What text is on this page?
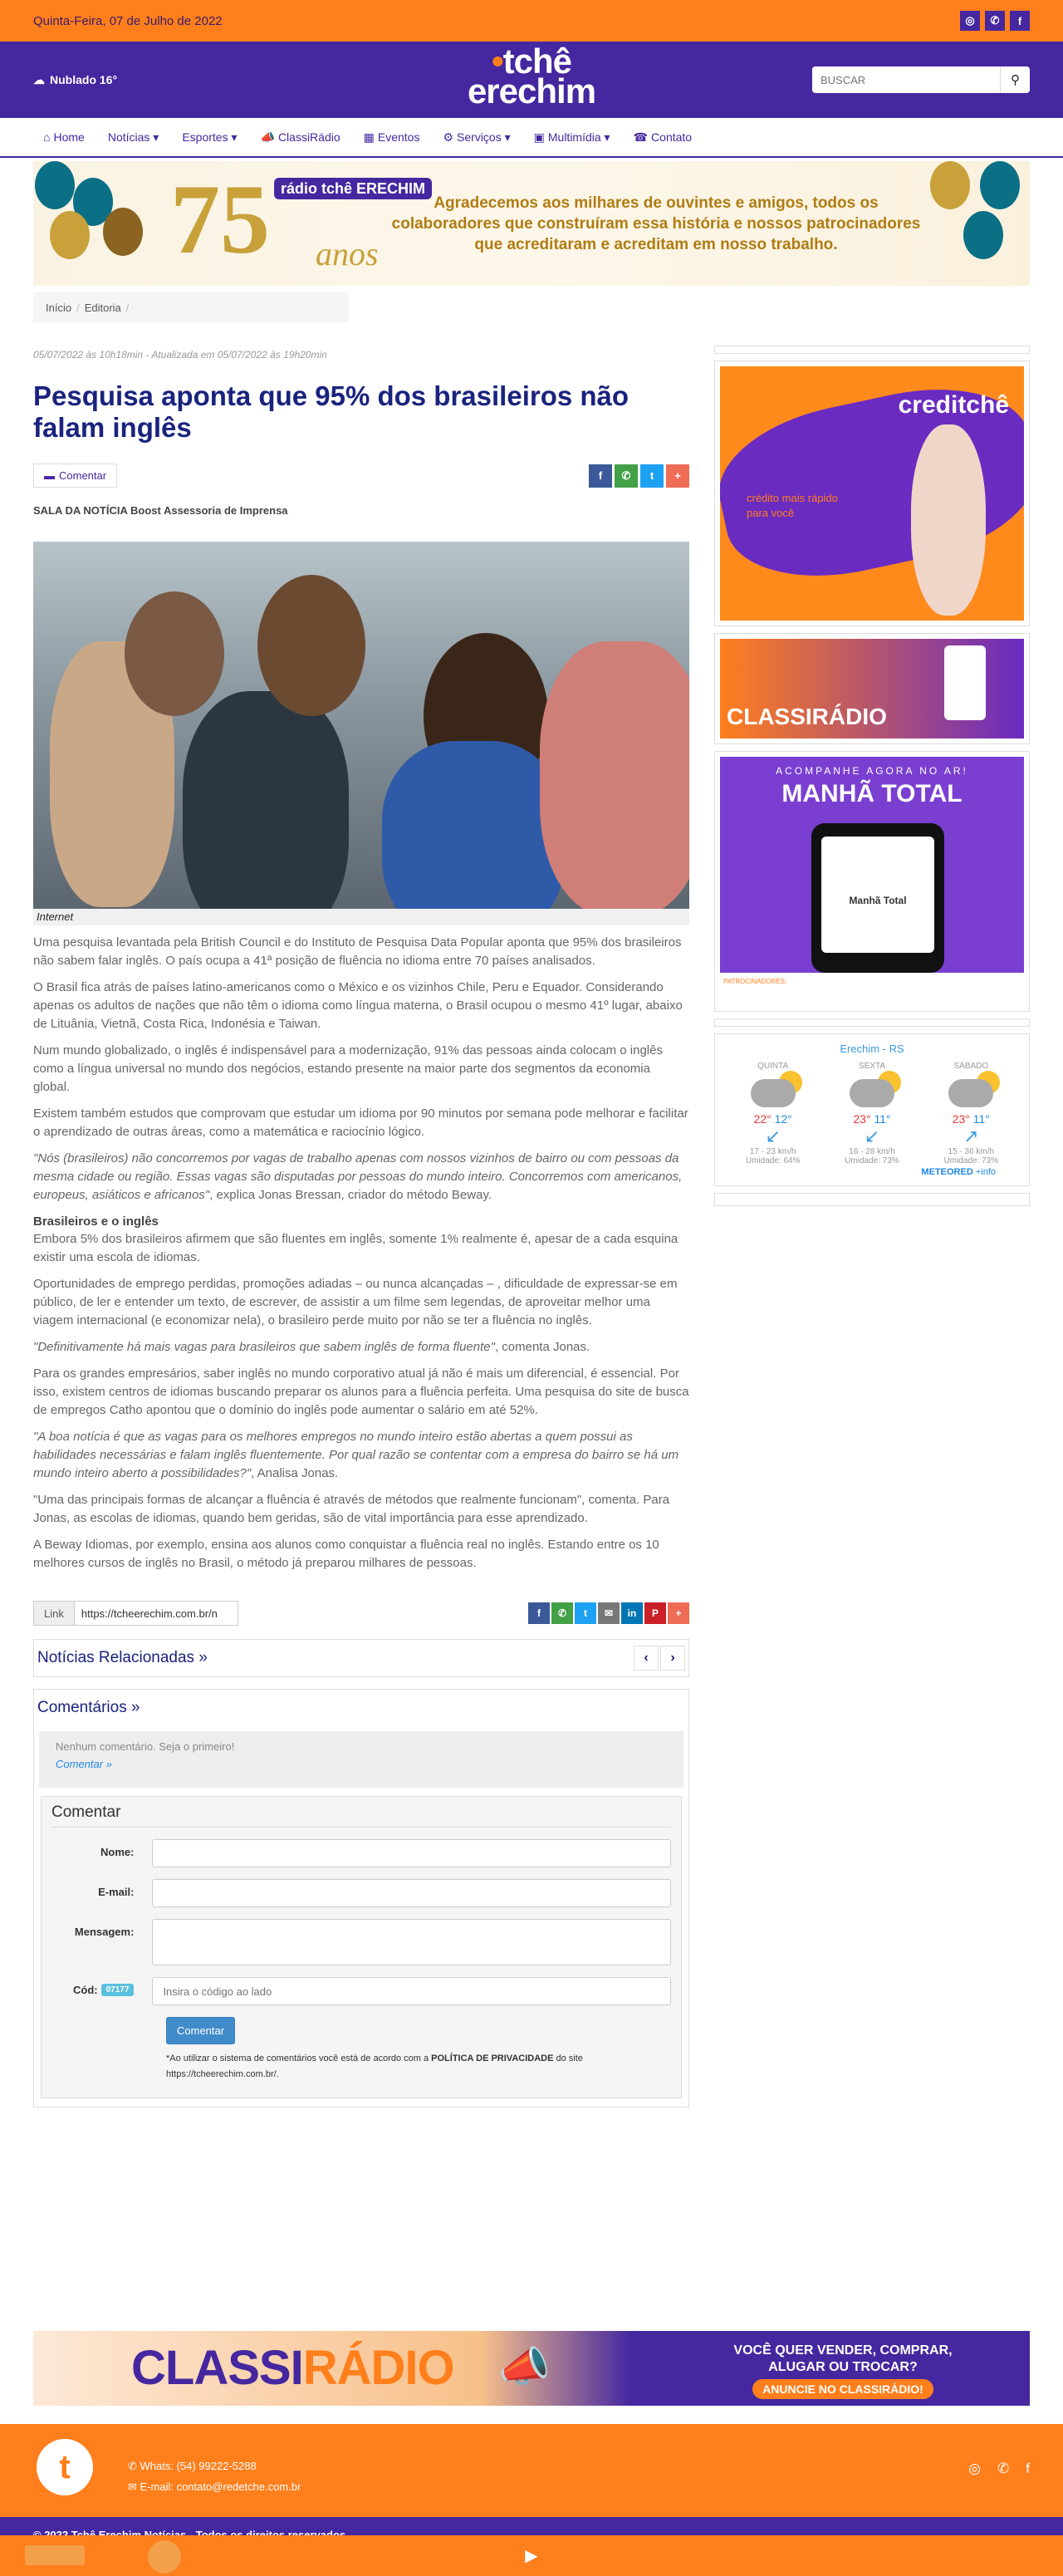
Quinta-Feira, 07 de Julho de 2022	◎	✆	f
☁ Nublado 16°	•tchê
erechim
BUSCAR	⚲
⌂ Home Notícias ▾ Esportes ▾ 📣 ClassiRádio ▦ Eventos ⚙ Serviços ▾ ▣ Multimídia ▾ ☎ Contato
75 rádio tchê ERECHIM
anos
Agradecemos aos milhares de ouvintes e amigos, todos os colaboradores que construíram essa história e nossos patrocinadores que acreditaram e acreditam em nosso trabalho.
Início / Editoria /
05/07/2022 às 10h18min - Atualizada em 05/07/2022 às 19h20min
Pesquisa aponta que 95% dos brasileiros não falam inglês
▬ Comentar	f	✆	t	+
SALA DA NOTÍCIA Boost Assessoria de Imprensa
Internet

Uma pesquisa levantada pela British Council e do Instituto de Pesquisa Data Popular aponta que 95% dos brasileiros não sabem falar inglês. O país ocupa a 41ª posição de fluência no idioma entre 70 países analisados.

O Brasil fica atrás de países latino-americanos como o México e os vizinhos Chile, Peru e Equador. Considerando apenas os adultos de nações que não têm o idioma como língua materna, o Brasil ocupou o mesmo 41º lugar, abaixo de Lituânia, Vietnã, Costa Rica, Indonésia e Taiwan.

Num mundo globalizado, o inglês é indispensável para a modernização, 91% das pessoas ainda colocam o inglês como a língua universal no mundo dos negócios, estando presente na maior parte dos segmentos da economia global.

Existem também estudos que comprovam que estudar um idioma por 90 minutos por semana pode melhorar e facilitar o aprendizado de outras áreas, como a matemática e raciocínio lógico.

"Nós (brasileiros) não concorremos por vagas de trabalho apenas com nossos vizinhos de bairro ou com pessoas da mesma cidade ou região. Essas vagas são disputadas por pessoas do mundo inteiro. Concorremos com americanos, europeus, asiáticos e africanos", explica Jonas Bressan, criador do método Beway.

Brasileiros e o inglês

Embora 5% dos brasileiros afirmem que são fluentes em inglês, somente 1% realmente é, apesar de a cada esquina existir uma escola de idiomas.

Oportunidades de emprego perdidas, promoções adiadas – ou nunca alcançadas – , dificuldade de expressar-se em público, de ler e entender um texto, de escrever, de assistir a um filme sem legendas, de aproveitar melhor uma viagem internacional (e economizar nela), o brasileiro perde muito por não se ter a fluência no inglês.

"Definitivamente há mais vagas para brasileiros que sabem inglês de forma fluente", comenta Jonas.

Para os grandes empresários, saber inglês no mundo corporativo atual já não é mais um diferencial, é essencial. Por isso, existem centros de idiomas buscando preparar os alunos para a fluência perfeita. Uma pesquisa do site de busca de empregos Catho apontou que o domínio do inglês pode aumentar o salário em até 52%.

"A boa notícia é que as vagas para os melhores empregos no mundo inteiro estão abertas a quem possui as habilidades necessárias e falam inglês fluentemente. Por qual razão se contentar com a empresa do bairro se há um mundo inteiro aberto a possibilidades?", Analisa Jonas.

"Uma das principais formas de alcançar a fluência é através de métodos que realmente funcionam", comenta. Para Jonas, as escolas de idiomas, quando bem geridas, são de vital importância para esse aprendizado.

A Beway Idiomas, por exemplo, ensina aos alunos como conquistar a fluência real no inglês. Estando entre os 10 melhores cursos de inglês no Brasil, o método já preparou milhares de pessoas.

Link
https://tcheerechim.com.br/n	f	✆	t	✉	in	P	+
Notícias Relacionadas »	‹	›
Comentários »
Nenhum comentário. Seja o primeiro!
Comentar »
Comentar
Nome:
E-mail:
Mensagem:
Cód:	07177
Insira o código ao lado
Comentar
*Ao utilizar o sistema de comentários você está de acordo com a POLÍTICA DE PRIVACIDADE do site https://tcheerechim.com.br/.
creditchê
crédito mais rápido para você
CLASSIRÁDIO
ACOMPANHE AGORA NO AR!
MANHÃ TOTAL
Manhã Total
PATROCINADORES:
Erechim - RS
QUINTA
22° 12°
↙
17 - 23 km/h
Umidade: 64%
SEXTA
23° 11°
↙
16 - 28 km/h
Umidade: 73%
SÁBADO
23° 11°
↗
15 - 36 km/h
Umidade: 73%
METEORED +info
CLASSIRÁDIO 📣	VOCÊ QUER VENDER, COMPRAR,
ALUGAR OU TROCAR?
ANUNCIE NO CLASSIRÁDIO!
t	✆ Whats: (54) 99222-5288
✉ E-mail: contato@redetche.com.br
◎ ✆ f
▶
